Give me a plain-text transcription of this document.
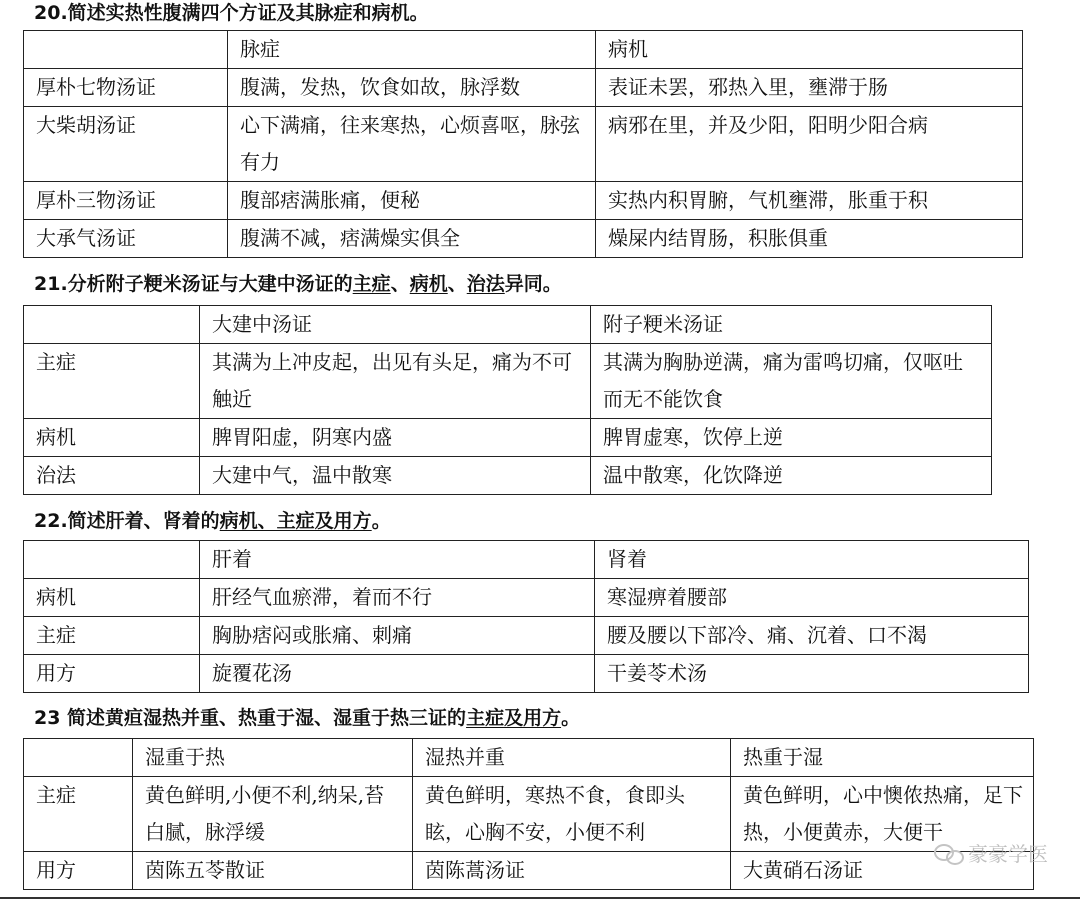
20.简述实热性腹满四个方证及其脉症和病机。
	脉症	病机
厚朴七物汤证	腹满，发热，饮食如故，脉浮数	表证未罢，邪热入里，壅滞于肠
大柴胡汤证	心下满痛，往来寒热，心烦喜呕，脉弦有力	病邪在里，并及少阳，阳明少阳合病
厚朴三物汤证	腹部痞满胀痛，便秘	实热内积胃腑，气机壅滞，胀重于积
大承气汤证	腹满不减，痞满燥实俱全	燥屎内结胃肠，积胀俱重
21.分析附子粳米汤证与大建中汤证的主症、病机、治法异同。
	大建中汤证	附子粳米汤证
主症	其满为上冲皮起，出见有头足，痛为不可触近	其满为胸胁逆满，痛为雷鸣切痛，仅呕吐而无不能饮食
病机	脾胃阳虚，阴寒内盛	脾胃虚寒，饮停上逆
治法	大建中气，温中散寒	温中散寒，化饮降逆
22.简述肝着、肾着的病机、主症及用方。
	肝着	肾着
病机	肝经气血瘀滞，着而不行	寒湿痹着腰部
主症	胸胁痞闷或胀痛、刺痛	腰及腰以下部冷、痛、沉着、口不渴
用方	旋覆花汤	干姜苓术汤
23 简述黄疸湿热并重、热重于湿、湿重于热三证的主症及用方。
	湿重于热	湿热并重	热重于湿
主症	黄色鲜明,小便不利,纳呆,苔白腻，脉浮缓	黄色鲜明，寒热不食，食即头眩，心胸不安，小便不利	黄色鲜明，心中懊侬热痛，足下热，小便黄赤，大便干
用方	茵陈五苓散证	茵陈蒿汤证	大黄硝石汤证
豪豪学医
